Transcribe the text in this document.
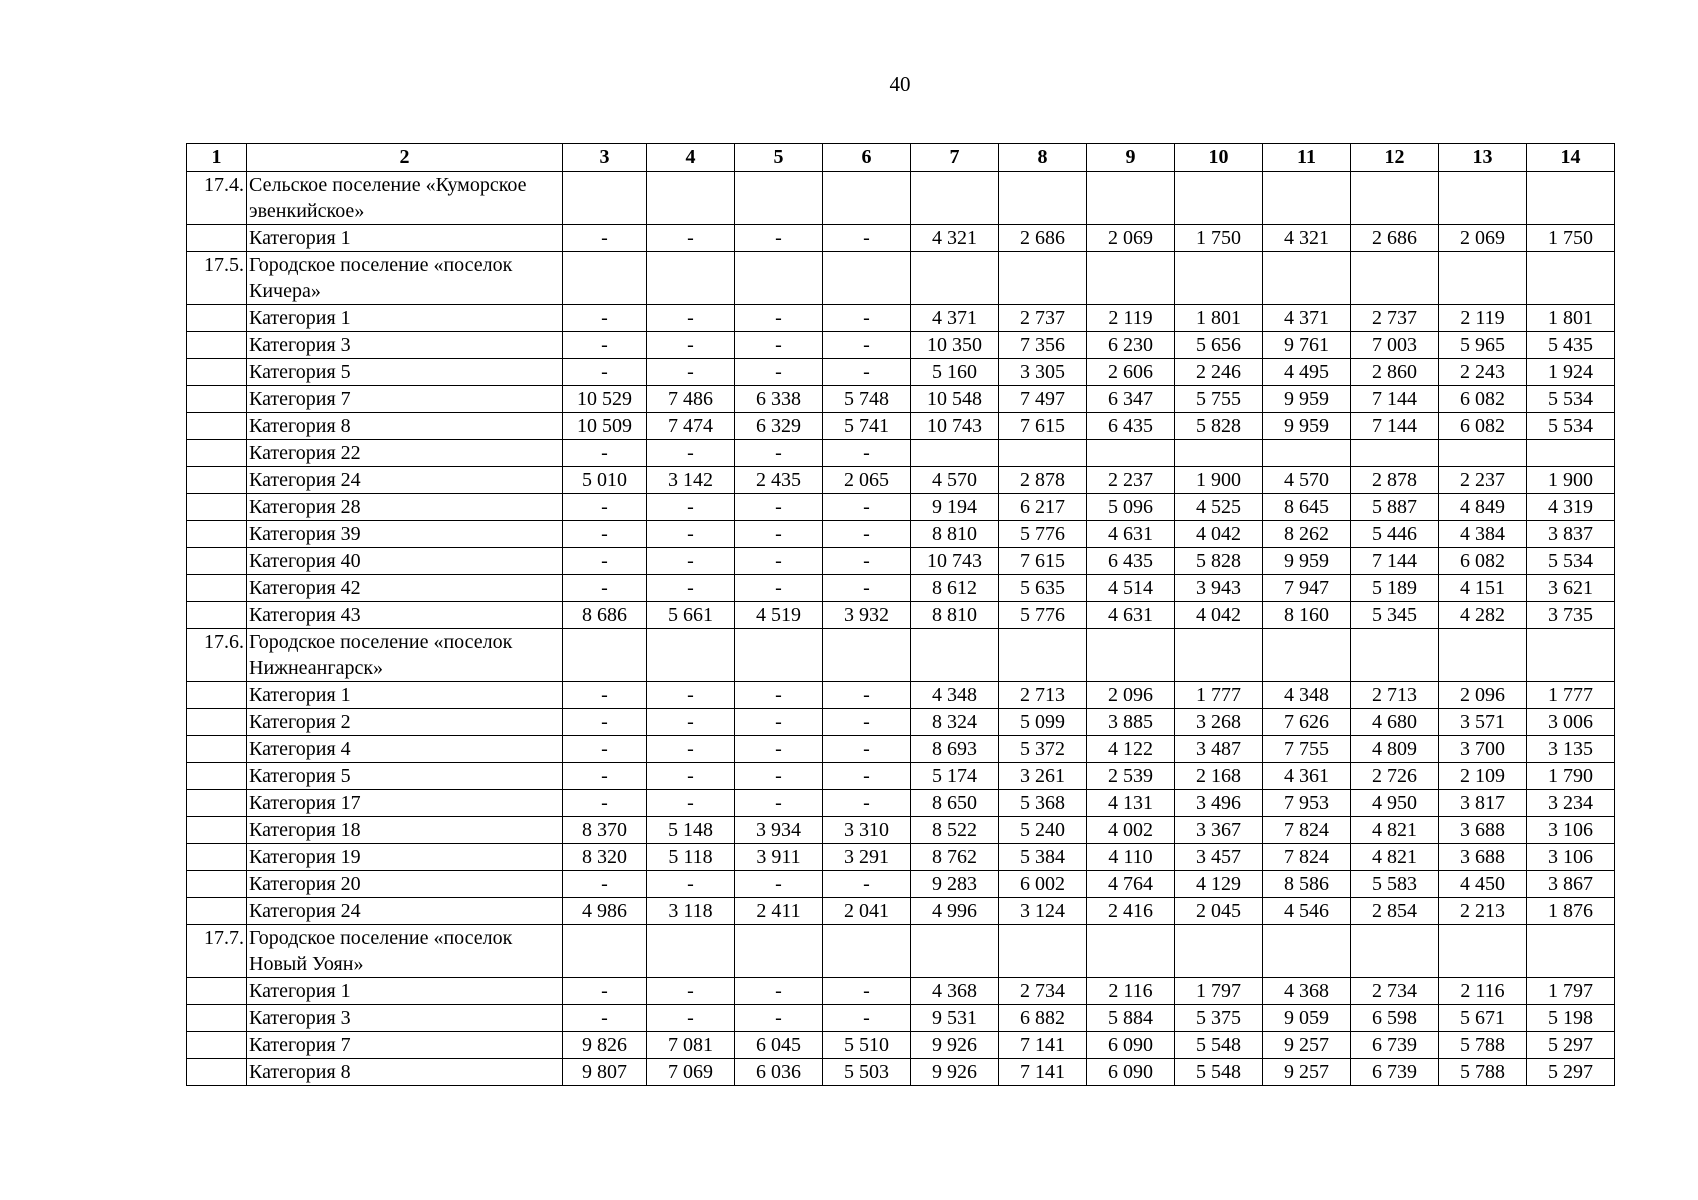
40
1	2	3	4	5	6	7	8	9	10	11	12	13	14
17.4.	Сельское поселение «Куморское эвенкийское»												
	Категория 1	-	-	-	-	4 321	2 686	2 069	1 750	4 321	2 686	2 069	1 750
17.5.	Городское поселение «поселок Кичера»												
	Категория 1	-	-	-	-	4 371	2 737	2 119	1 801	4 371	2 737	2 119	1 801
	Категория 3	-	-	-	-	10 350	7 356	6 230	5 656	9 761	7 003	5 965	5 435
	Категория 5	-	-	-	-	5 160	3 305	2 606	2 246	4 495	2 860	2 243	1 924
	Категория 7	10 529	7 486	6 338	5 748	10 548	7 497	6 347	5 755	9 959	7 144	6 082	5 534
	Категория 8	10 509	7 474	6 329	5 741	10 743	7 615	6 435	5 828	9 959	7 144	6 082	5 534
	Категория 22	-	-	-	-								
	Категория 24	5 010	3 142	2 435	2 065	4 570	2 878	2 237	1 900	4 570	2 878	2 237	1 900
	Категория 28	-	-	-	-	9 194	6 217	5 096	4 525	8 645	5 887	4 849	4 319
	Категория 39	-	-	-	-	8 810	5 776	4 631	4 042	8 262	5 446	4 384	3 837
	Категория 40	-	-	-	-	10 743	7 615	6 435	5 828	9 959	7 144	6 082	5 534
	Категория 42	-	-	-	-	8 612	5 635	4 514	3 943	7 947	5 189	4 151	3 621
	Категория 43	8 686	5 661	4 519	3 932	8 810	5 776	4 631	4 042	8 160	5 345	4 282	3 735
17.6.	Городское поселение «поселок Нижнеангарск»												
	Категория 1	-	-	-	-	4 348	2 713	2 096	1 777	4 348	2 713	2 096	1 777
	Категория 2	-	-	-	-	8 324	5 099	3 885	3 268	7 626	4 680	3 571	3 006
	Категория 4	-	-	-	-	8 693	5 372	4 122	3 487	7 755	4 809	3 700	3 135
	Категория 5	-	-	-	-	5 174	3 261	2 539	2 168	4 361	2 726	2 109	1 790
	Категория 17	-	-	-	-	8 650	5 368	4 131	3 496	7 953	4 950	3 817	3 234
	Категория 18	8 370	5 148	3 934	3 310	8 522	5 240	4 002	3 367	7 824	4 821	3 688	3 106
	Категория 19	8 320	5 118	3 911	3 291	8 762	5 384	4 110	3 457	7 824	4 821	3 688	3 106
	Категория 20	-	-	-	-	9 283	6 002	4 764	4 129	8 586	5 583	4 450	3 867
	Категория 24	4 986	3 118	2 411	2 041	4 996	3 124	2 416	2 045	4 546	2 854	2 213	1 876
17.7.	Городское поселение «поселок Новый Уоян»												
	Категория 1	-	-	-	-	4 368	2 734	2 116	1 797	4 368	2 734	2 116	1 797
	Категория 3	-	-	-	-	9 531	6 882	5 884	5 375	9 059	6 598	5 671	5 198
	Категория 7	9 826	7 081	6 045	5 510	9 926	7 141	6 090	5 548	9 257	6 739	5 788	5 297
	Категория 8	9 807	7 069	6 036	5 503	9 926	7 141	6 090	5 548	9 257	6 739	5 788	5 297
